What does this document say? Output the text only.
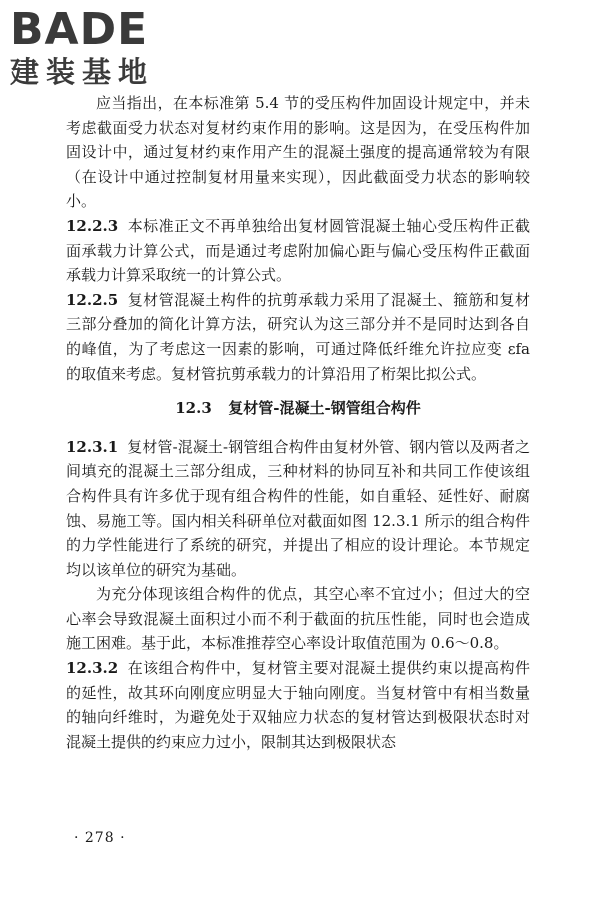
BADE
建装基地

应当指出，在本标准第 5.4 节的受压构件加固设计规定中，并未考虑截面受力状态对复材约束作用的影响。这是因为，在受压构件加固设计中，通过复材约束作用产生的混凝土强度的提高通常较为有限（在设计中通过控制复材用量来实现），因此截面受力状态的影响较小。

12.2.3 本标准正文不再单独给出复材圆管混凝土轴心受压构件正截面承载力计算公式，而是通过考虑附加偏心距与偏心受压构件正截面承载力计算采取统一的计算公式。

12.2.5 复材管混凝土构件的抗剪承载力采用了混凝土、箍筋和复材三部分叠加的简化计算方法，研究认为这三部分并不是同时达到各自的峰值，为了考虑这一因素的影响，可通过降低纤维允许拉应变 εfa 的取值来考虑。复材管抗剪承载力的计算沿用了桁架比拟公式。

12.3 复材管-混凝土-钢管组合构件

12.3.1 复材管-混凝土-钢管组合构件由复材外管、钢内管以及两者之间填充的混凝土三部分组成，三种材料的协同互补和共同工作使该组合构件具有许多优于现有组合构件的性能，如自重轻、延性好、耐腐蚀、易施工等。国内相关科研单位对截面如图 12.3.1 所示的组合构件的力学性能进行了系统的研究，并提出了相应的设计理论。本节规定均以该单位的研究为基础。

为充分体现该组合构件的优点，其空心率不宜过小；但过大的空心率会导致混凝土面积过小而不利于截面的抗压性能，同时也会造成施工困难。基于此，本标准推荐空心率设计取值范围为 0.6～0.8。

12.3.2 在该组合构件中，复材管主要对混凝土提供约束以提高构件的延性，故其环向刚度应明显大于轴向刚度。当复材管中有相当数量的轴向纤维时，为避免处于双轴应力状态的复材管达到极限状态时对混凝土提供的约束应力过小，限制其达到极限状态

· 278 ·
